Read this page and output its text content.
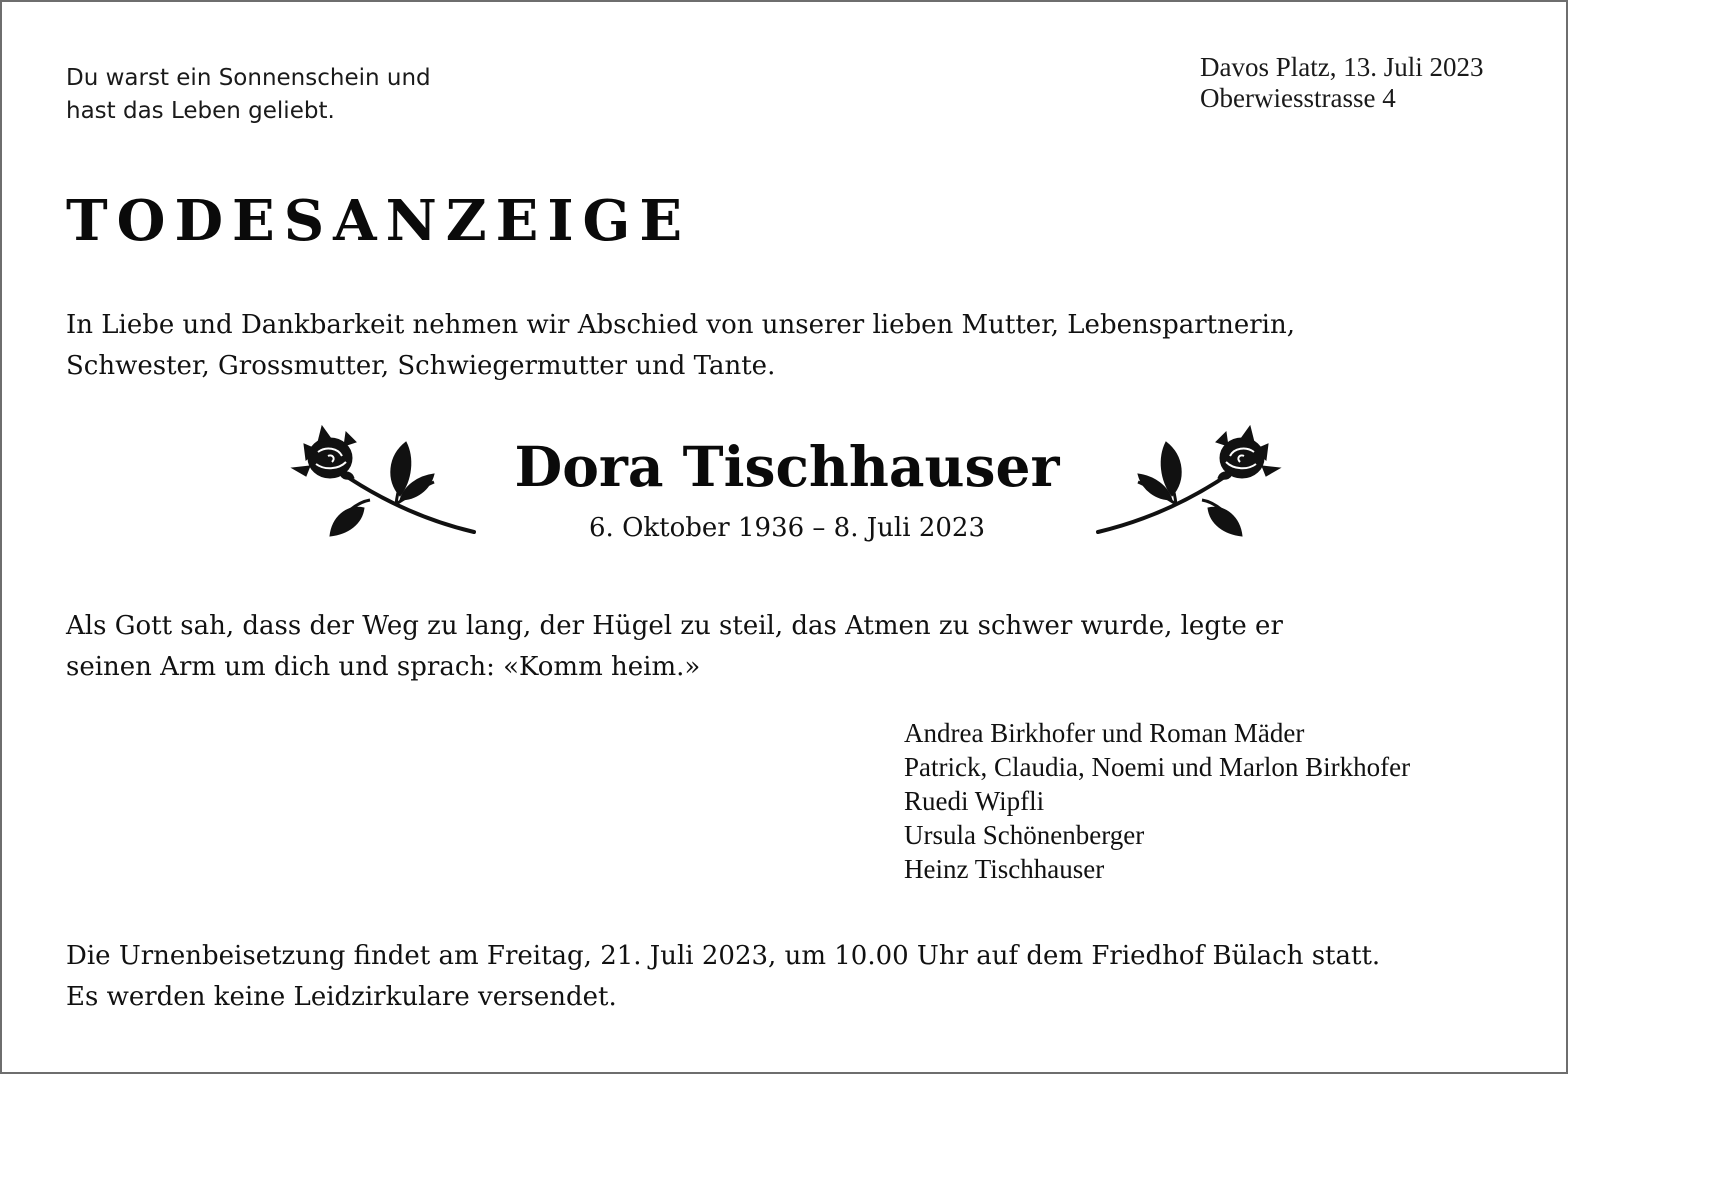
Du warst ein Sonnenschein und
hast das Leben geliebt.
Davos Platz, 13. Juli 2023
Oberwiesstrasse 4
TODESANZEIGE

In Liebe und Dankbarkeit nehmen wir Abschied von unserer lieben Mutter, Lebenspartnerin,
Schwester, Grossmutter, Schwiegermutter und Tante.

Dora Tischhauser
6. Oktober 1936 – 8. Juli 2023

Als Gott sah, dass der Weg zu lang, der Hügel zu steil, das Atmen zu schwer wurde, legte er
seinen Arm um dich und sprach: «Komm heim.»

Andrea Birkhofer und Roman Mäder
Patrick, Claudia, Noemi und Marlon Birkhofer
Ruedi Wipfli
Ursula Schönenberger
Heinz Tischhauser

Die Urnenbeisetzung findet am Freitag, 21. Juli 2023, um 10.00 Uhr auf dem Friedhof Bülach statt.
Es werden keine Leidzirkulare versendet.
